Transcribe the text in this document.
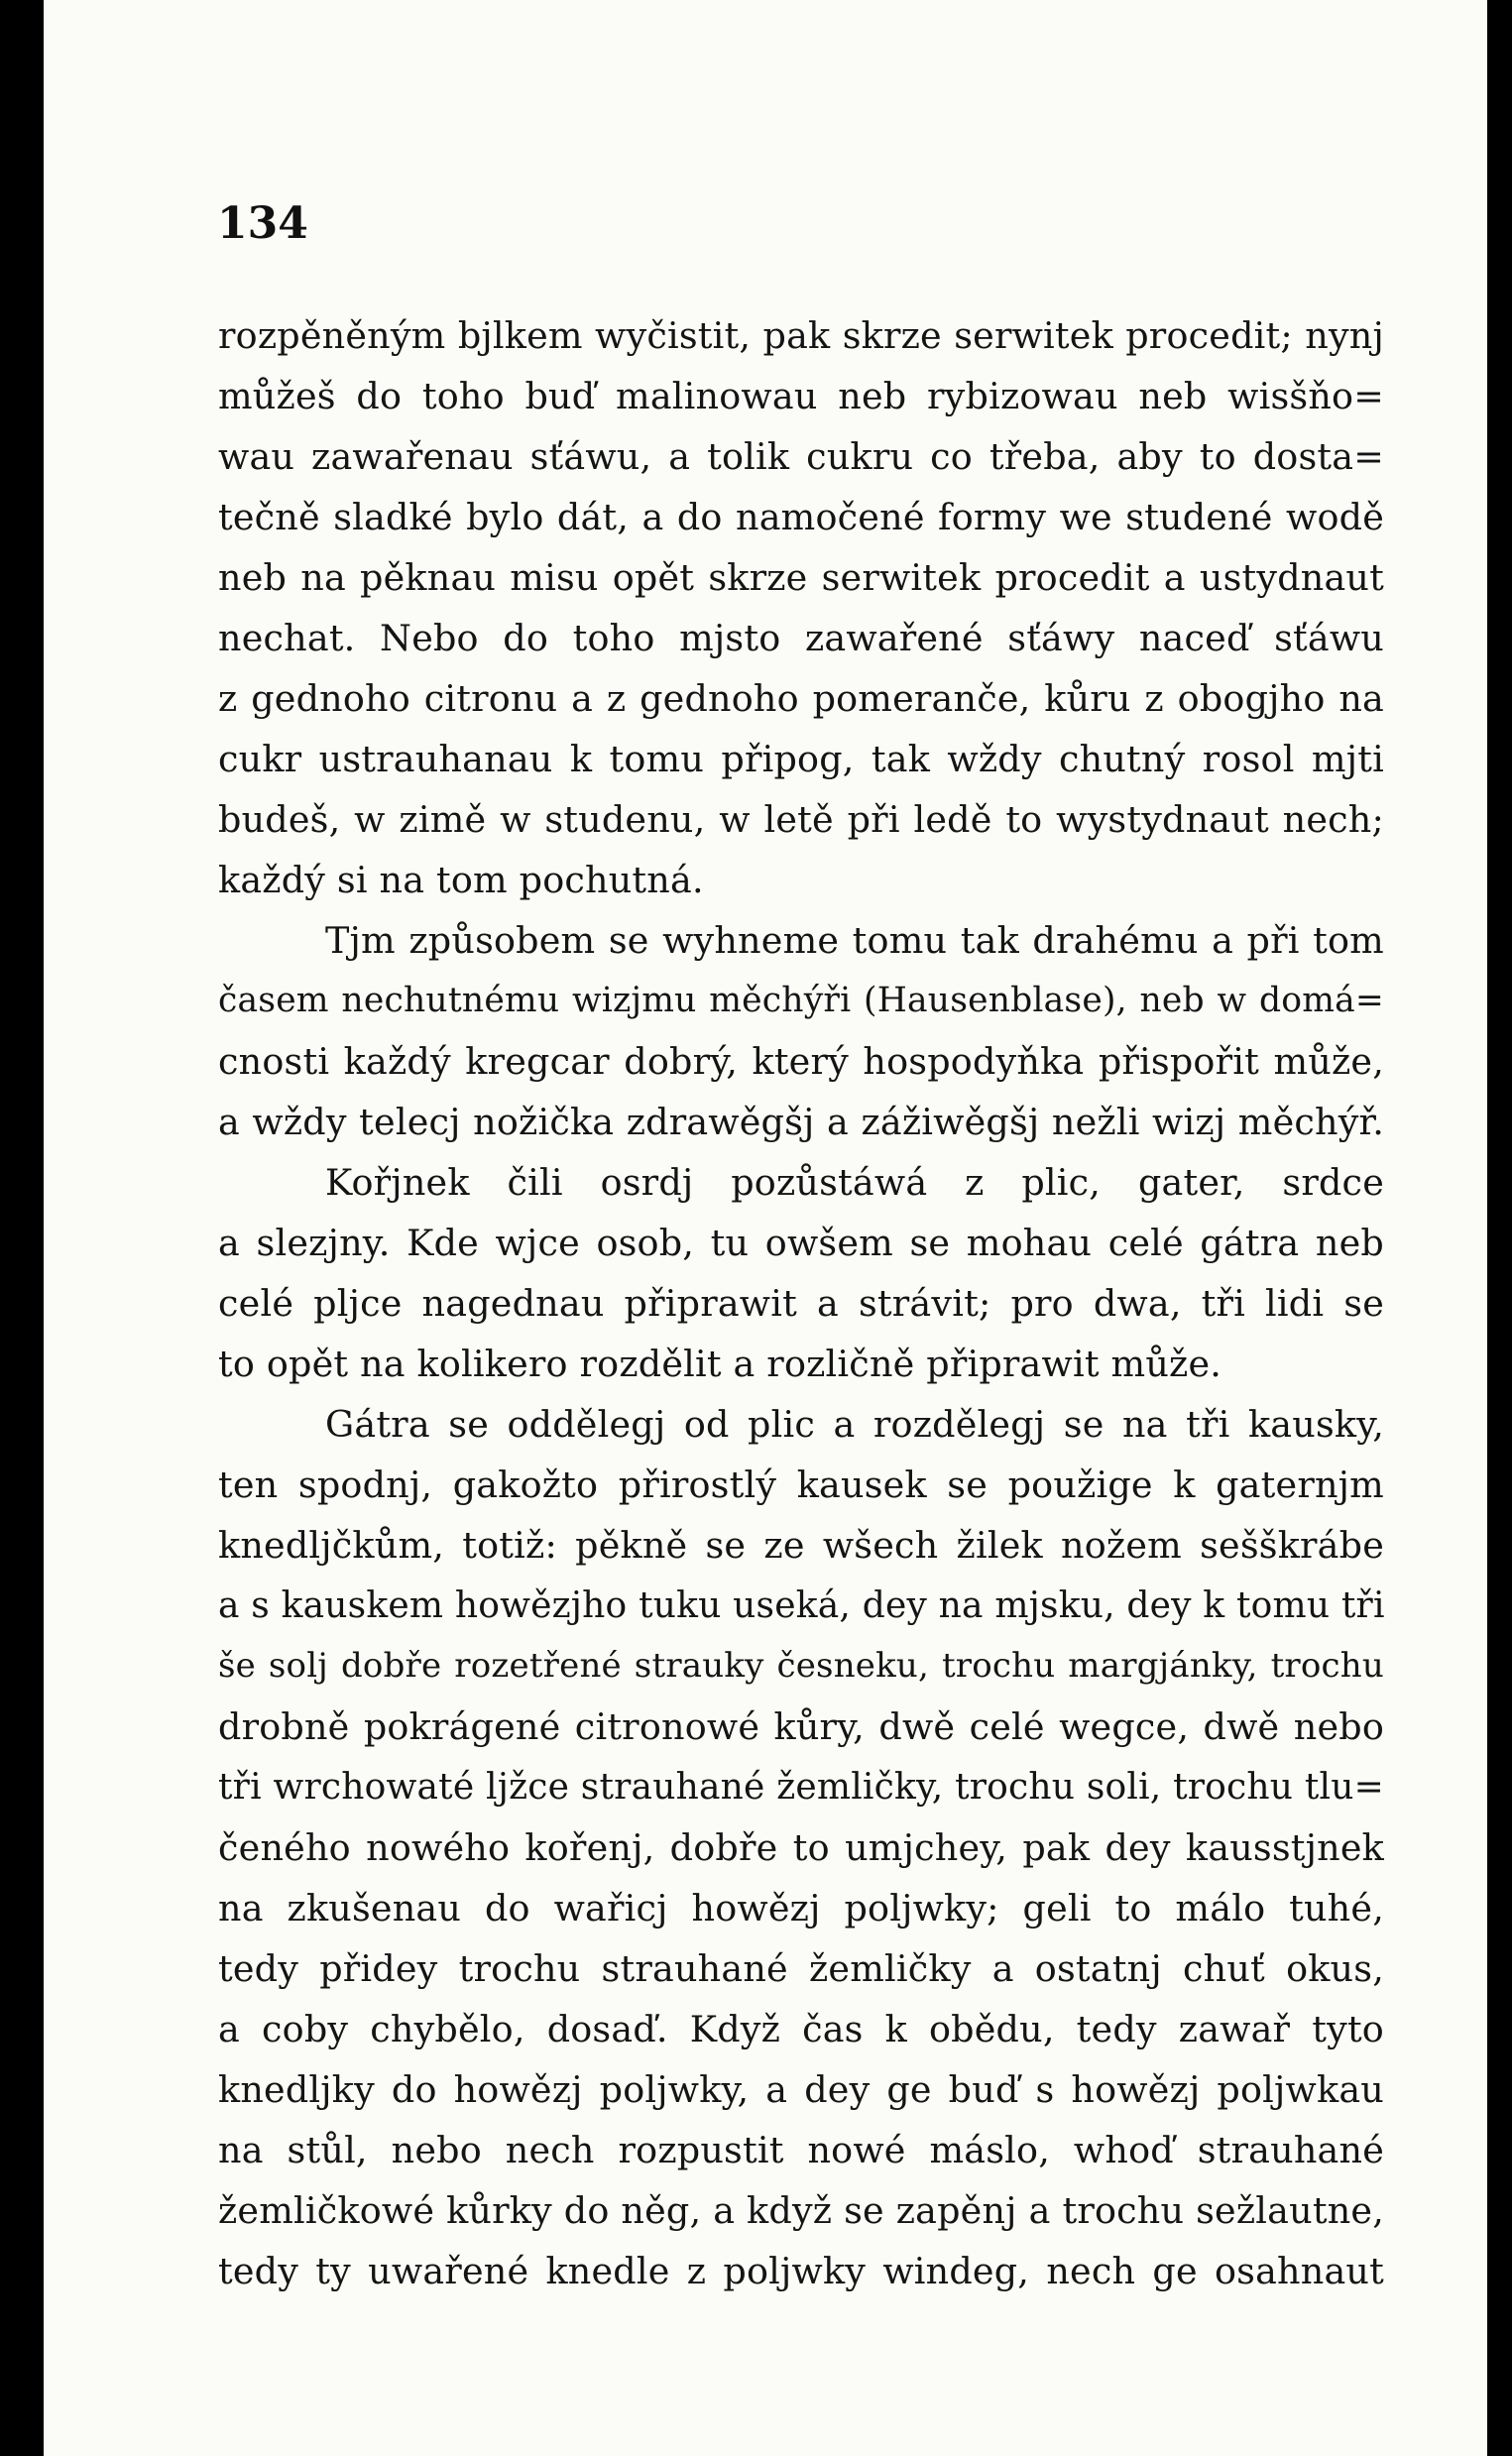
134
rozpěněným bjlkem wyčistit, pak skrze serwitek procedit; nynj
můžeš do toho buď malinowau neb rybizowau neb wisšňo=
wau zawařenau sťáwu, a tolik cukru co třeba, aby to dosta=
tečně sladké bylo dát, a do namočené formy we studené wodě
neb na pěknau misu opět skrze serwitek procedit a ustydnaut
nechat. Nebo do toho mjsto zawařené sťáwy naceď sťáwu
z gednoho citronu a z gednoho pomeranče, kůru z obogjho na
cukr ustrauhanau k tomu připog, tak wždy chutný rosol mjti
budeš, w zimě w studenu, w letě při ledě to wystydnaut nech;
každý si na tom pochutná.
Tjm způsobem se wyhneme tomu tak drahému a při tom
časem nechutnému wizjmu měchýři (Hausenblase), neb w domá=
cnosti každý kregcar dobrý, který hospodyňka přispořit může,
a wždy telecj nožička zdrawěgšj a zážiwěgšj nežli wizj měchýř.
Kořjnek čili osrdj pozůstáwá z plic, gater, srdce
a slezjny. Kde wjce osob, tu owšem se mohau celé gátra neb
celé pljce nagednau připrawit a strávit; pro dwa, tři lidi se
to opět na kolikero rozdělit a rozličně připrawit může.
Gátra se oddělegj od plic a rozdělegj se na tři kausky,
ten spodnj, gakožto přirostlý kausek se použige k gaternjm
knedljčkům, totiž: pěkně se ze wšech žilek nožem sešškrábe
a s kauskem howězjho tuku useká, dey na mjsku, dey k tomu tři
še solj dobře rozetřené strauky česneku, trochu margjánky, trochu
drobně pokrágené citronowé kůry, dwě celé wegce, dwě nebo
tři wrchowaté ljžce strauhané žemličky, trochu soli, trochu tlu=
čeného nowého kořenj, dobře to umjchey, pak dey kausstjnek
na zkušenau do wařicj howězj poljwky; geli to málo tuhé,
tedy přidey trochu strauhané žemličky a ostatnj chuť okus,
a coby chybělo, dosaď. Když čas k obědu, tedy zawař tyto
knedljky do howězj poljwky, a dey ge buď s howězj poljwkau
na stůl, nebo nech rozpustit nowé máslo, whoď strauhané
žemličkowé kůrky do něg, a když se zapěnj a trochu sežlautne,
tedy ty uwařené knedle z poljwky windeg, nech ge osahnaut
